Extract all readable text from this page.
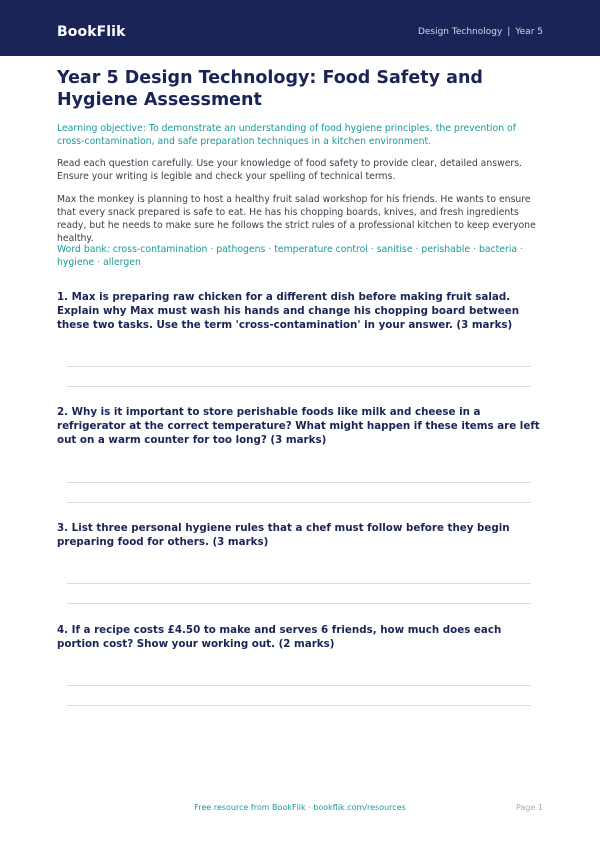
BookFlik	Design Technology | Year 5
Year 5 Design Technology: Food Safety and Hygiene Assessment

Learning objective: To demonstrate an understanding of food hygiene principles, the prevention of cross-contamination, and safe preparation techniques in a kitchen environment.

Read each question carefully. Use your knowledge of food safety to provide clear, detailed answers. Ensure your writing is legible and check your spelling of technical terms.

Max the monkey is planning to host a healthy fruit salad workshop for his friends. He wants to ensure that every snack prepared is safe to eat. He has his chopping boards, knives, and fresh ingredients ready, but he needs to make sure he follows the strict rules of a professional kitchen to keep everyone healthy.

Word bank: cross-contamination · pathogens · temperature control · sanitise · perishable · bacteria · hygiene · allergen

1. Max is preparing raw chicken for a different dish before making fruit salad. Explain why Max must wash his hands and change his chopping board between these two tasks. Use the term 'cross-contamination' in your answer. (3 marks)

2. Why is it important to store perishable foods like milk and cheese in a refrigerator at the correct temperature? What might happen if these items are left out on a warm counter for too long? (3 marks)

3. List three personal hygiene rules that a chef must follow before they begin preparing food for others. (3 marks)

4. If a recipe costs £4.50 to make and serves 6 friends, how much does each portion cost? Show your working out. (2 marks)

Free resource from BookFlik · bookflik.com/resources	Page 1
